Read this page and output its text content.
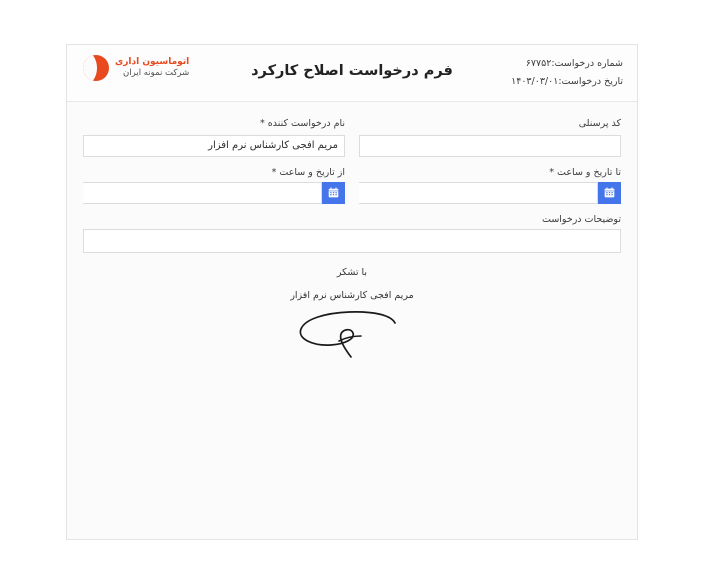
شماره درخواست:۶۷۷۵۲
تاریخ درخواست:۱۴۰۳/۰۳/۰۱
فرم درخواست اصلاح کارکرد
اتوماسیون اداری
شرکت نمونه ایران
کد پرسنلی
نام درخواست کننده *
مریم افجی کارشناس نرم افزار
تا تاریخ و ساعت *
از تاریخ و ساعت *
توضیحات درخواست
با تشکر
مریم افجی کارشناس نرم افزار
